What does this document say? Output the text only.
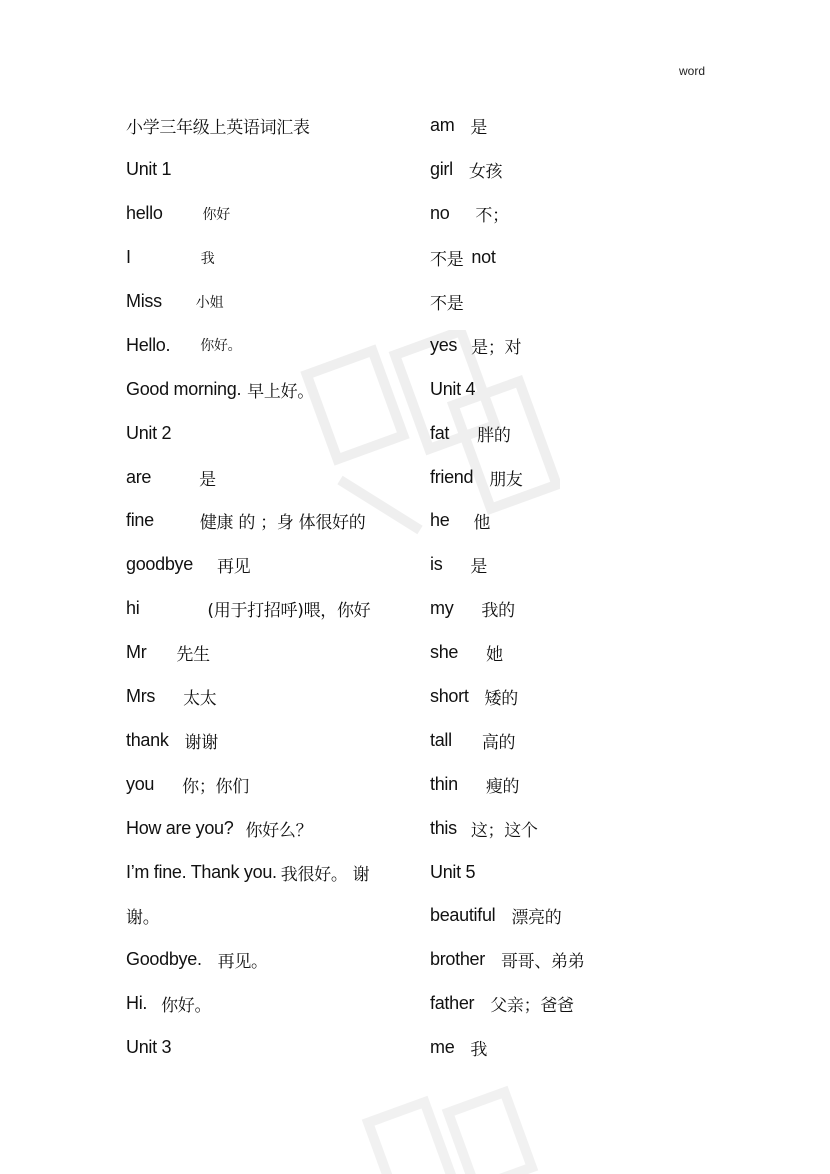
word
小学三年级上英语词汇表
Unit 1
hello	你好
I	我
Miss 小姐
Hello. 你好。
Good morning. 早上好。
Unit 2
are	是
fine	健康 的 ；身 体很好的
goodbye 再见
hi	(用于打招呼)喂，你好
Mr 先生
Mrs 太太
thank 谢谢
you 你；你们
How are you? 你好么？
I’m fine. Thank you. 我很好。 谢
谢。
Goodbye. 再见。
Hi. 你好。
Unit 3
am 是
girl 女孩
no 不；
不是 not
不是
yes 是；对
Unit 4
fat 胖的
friend 朋友
he 他
is 是
my 我的
she 她
short 矮的
tall 高的
thin 瘦的
this 这；这个
Unit 5
beautiful 漂亮的
brother 哥哥、弟弟
father 父亲；爸爸
me 我
